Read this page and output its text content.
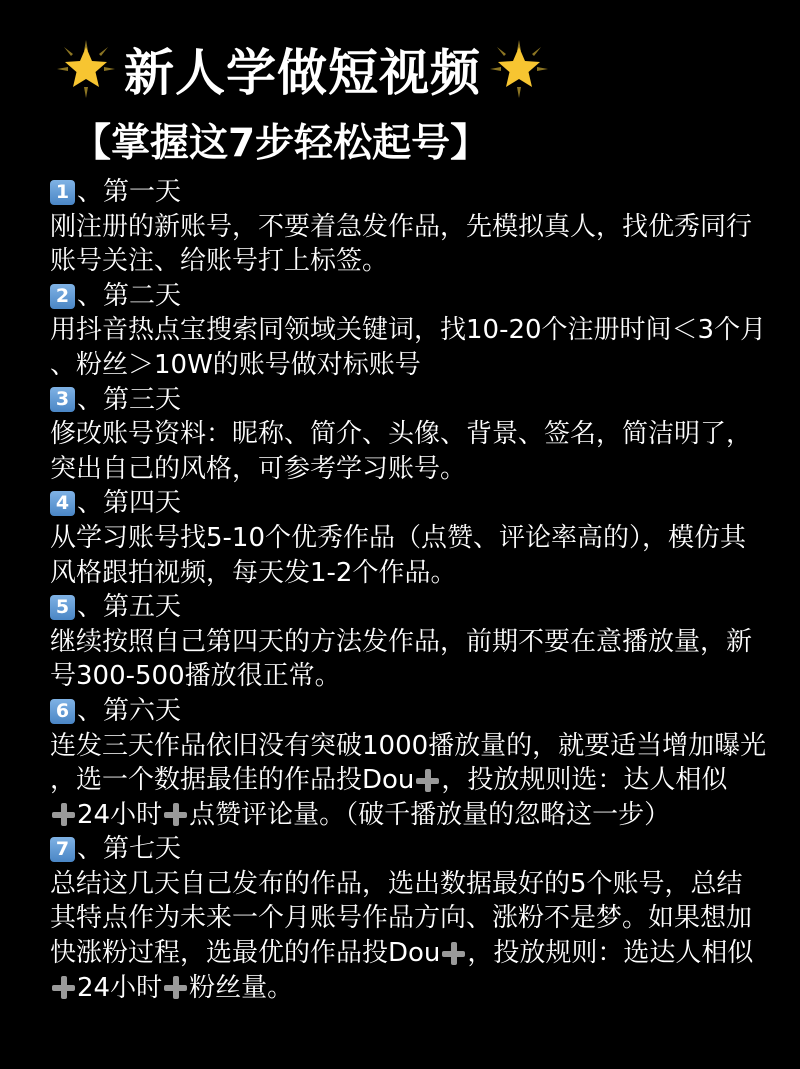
新人学做短视频
【掌握这7步轻松起号】
1 、第一天
刚注册的新账号，不要着急发作品，先模拟真人，找优秀同行
账号关注、给账号打上标签。
2 、第二天
用抖音热点宝搜索同领域关键词，找10-20个注册时间＜3个月
、粉丝＞10W的账号做对标账号
3 、第三天
修改账号资料：昵称、简介、头像、背景、签名，简洁明了，
突出自己的风格，可参考学习账号。
4 、第四天
从学习账号找5-10个优秀作品（点赞、评论率高的），模仿其
风格跟拍视频，每天发1-2个作品。
5 、第五天
继续按照自己第四天的方法发作品，前期不要在意播放量，新
号300-500播放很正常。
6 、第六天
连发三天作品依旧没有突破1000播放量的，就要适当增加曝光
，选一个数据最佳的作品投Dou ，投放规则选：达人相似
24小时 点赞评论量。（破千播放量的忽略这一步）
7 、第七天
总结这几天自己发布的作品，选出数据最好的5个账号，总结
其特点作为未来一个月账号作品方向、涨粉不是梦。如果想加
快涨粉过程，选最优的作品投Dou ，投放规则：选达人相似
24小时 粉丝量。
